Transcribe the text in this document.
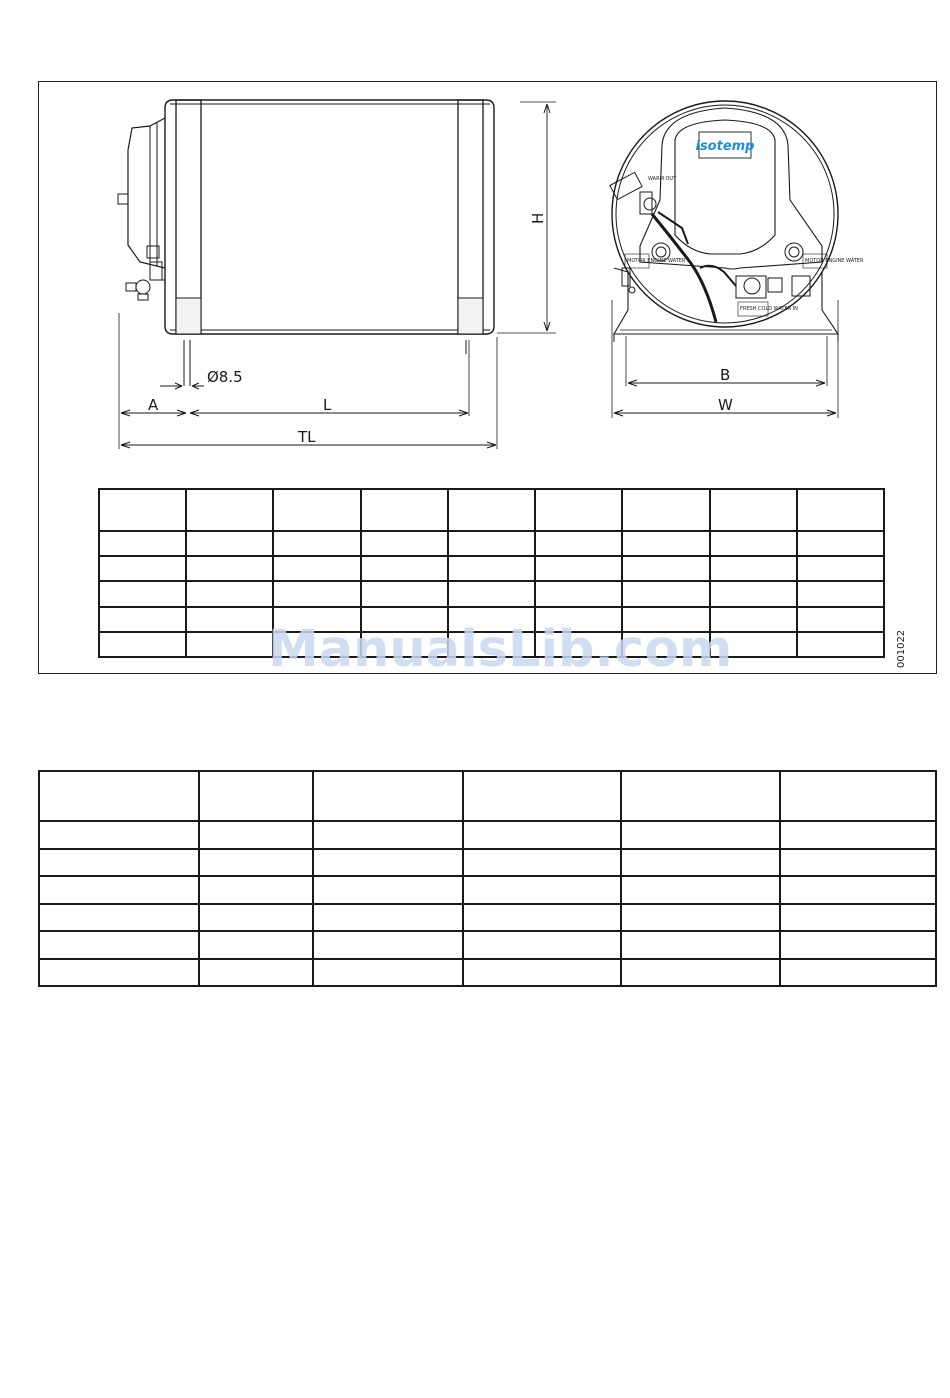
isotemp
WARM OUT
MOTOR ENGINE WATER	MOTOR ENGINE WATER
FRESH COLD WATER IN
Ø8.5
A	L
TL
H
B
W

ManualsLib.com	001022
